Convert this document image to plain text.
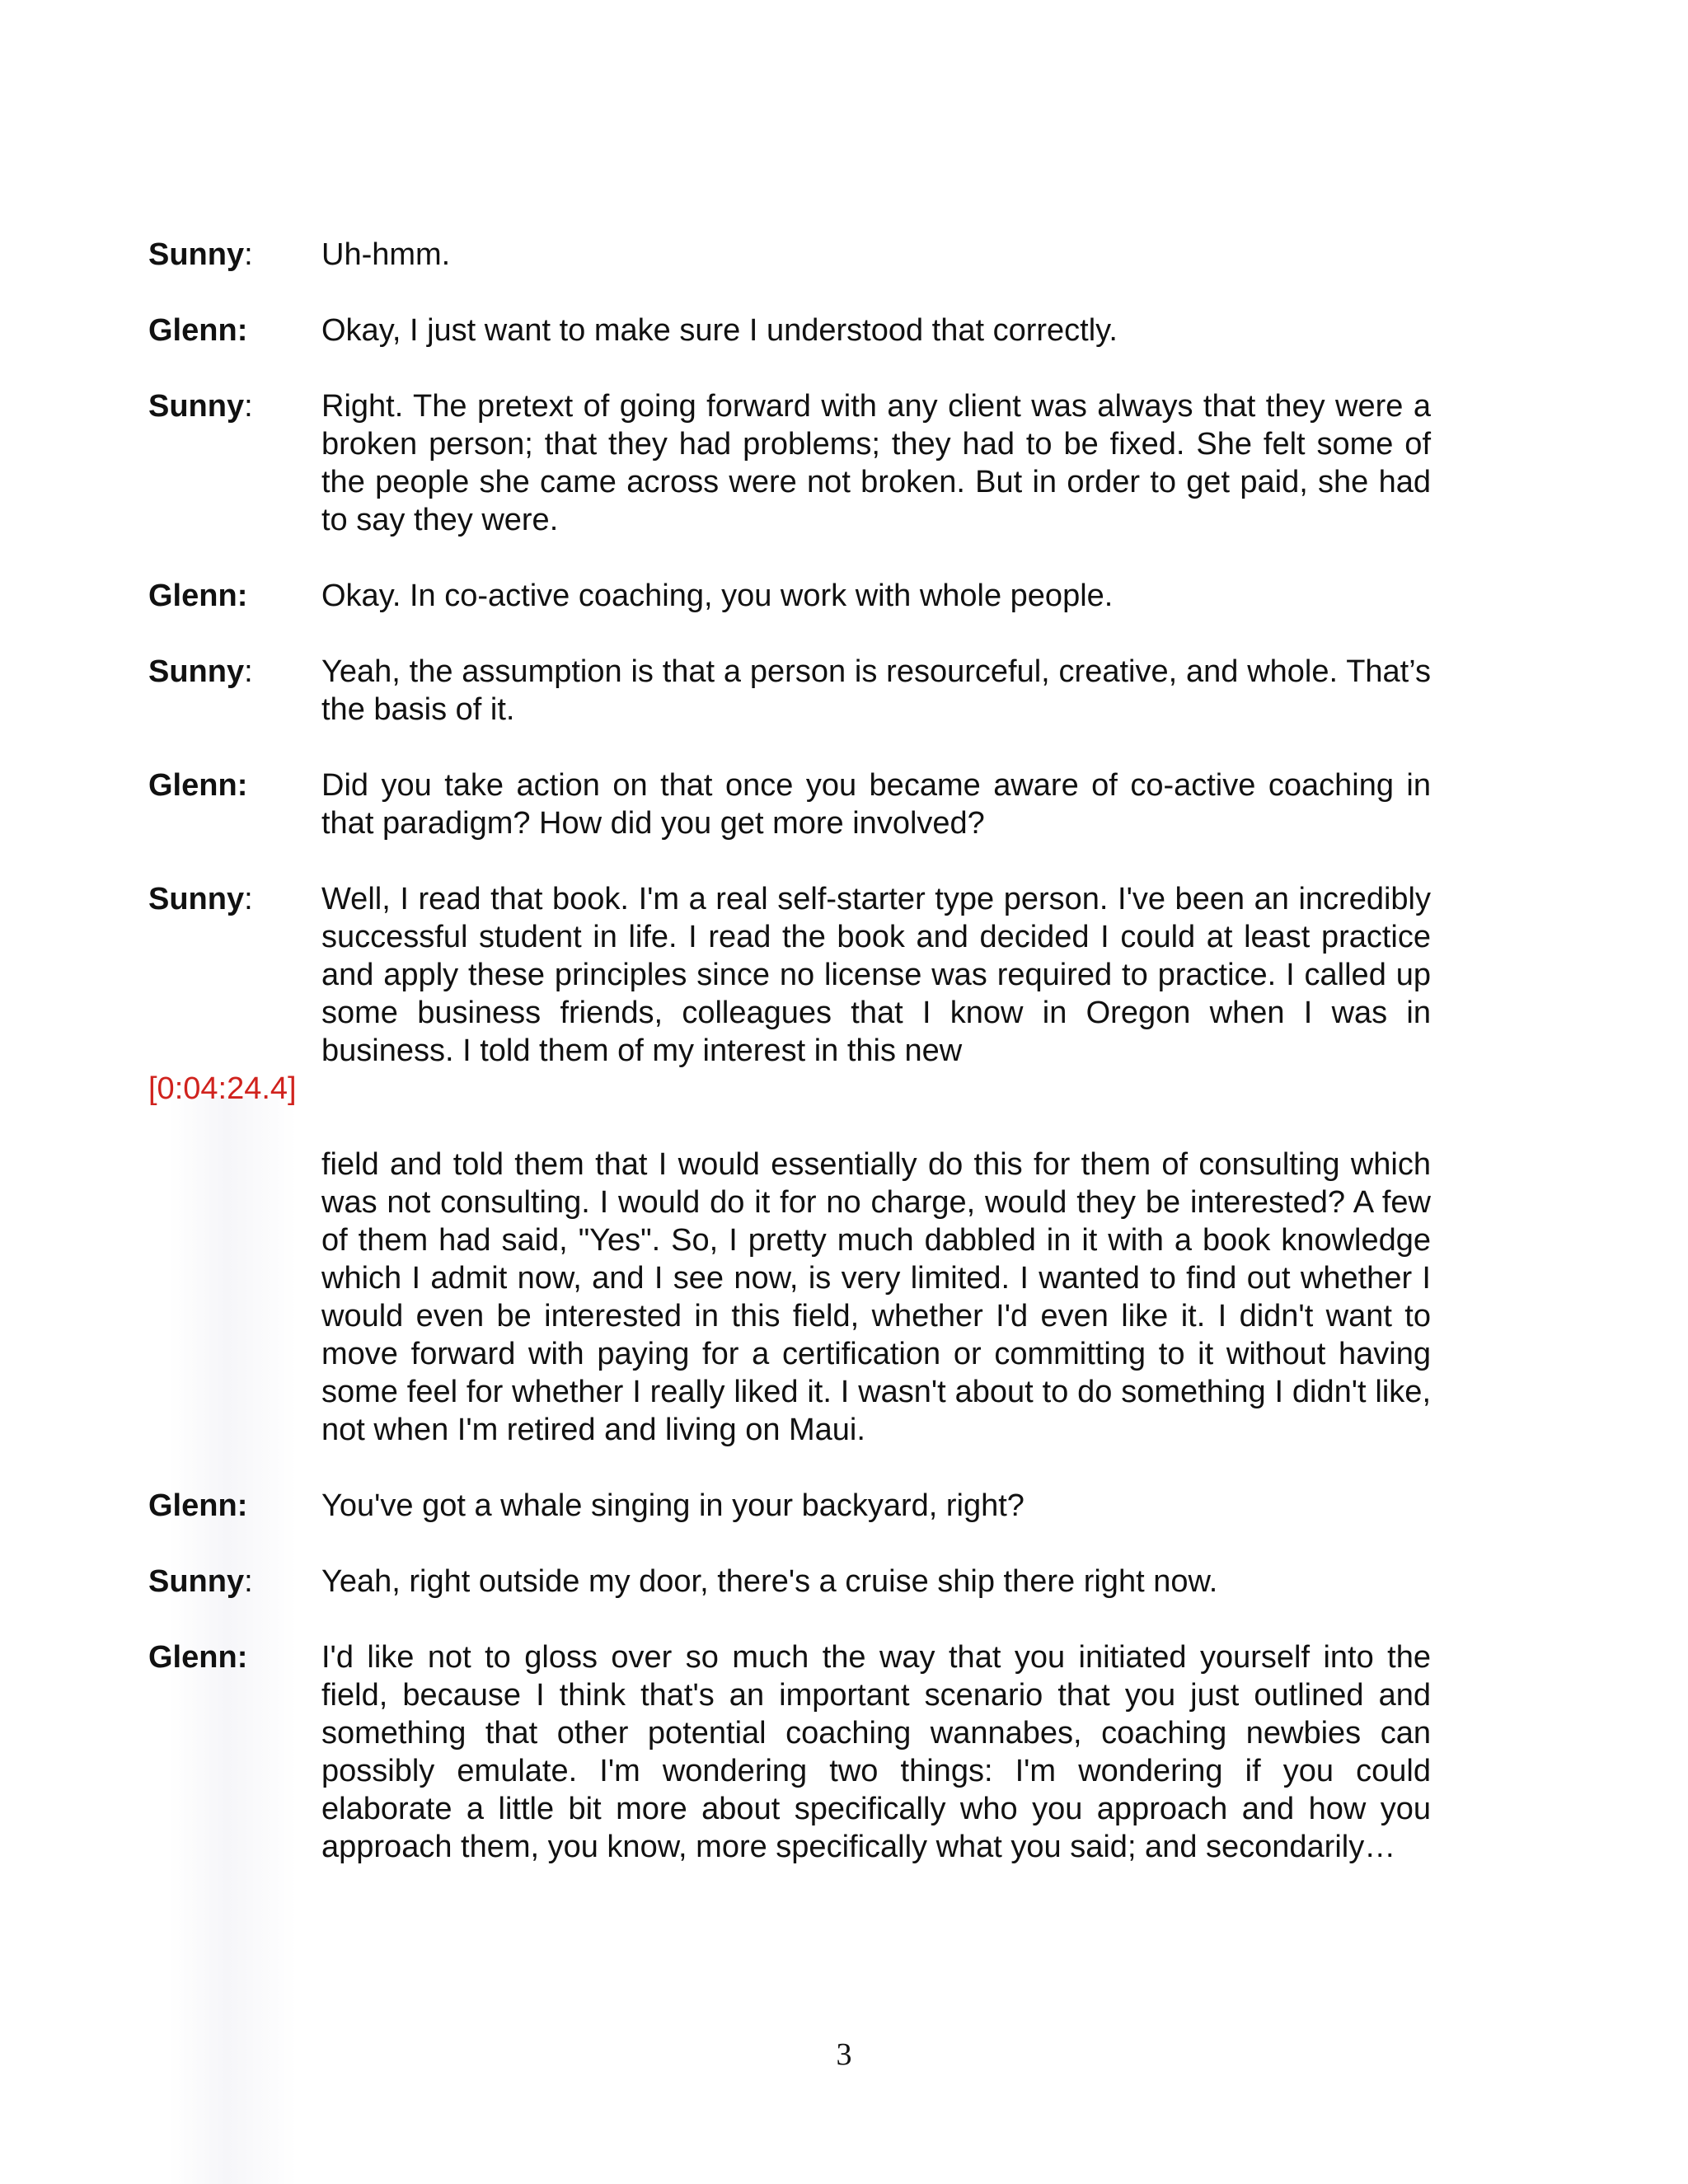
Sunny:	Uh-hmm.
Glenn:	Okay, I just want to make sure I understood that correctly.
Sunny:	Right. The pretext of going forward with any client was always that they were a broken person; that they had problems; they had to be fixed. She felt some of the people she came across were not broken. But in order to get paid, she had to say they were.
Glenn:	Okay. In co-active coaching, you work with whole people.
Sunny:	Yeah, the assumption is that a person is resourceful, creative, and whole. That’s the basis of it.
Glenn:	Did you take action on that once you became aware of co-active coaching in that paradigm? How did you get more involved?
Sunny:	Well, I read that book. I'm a real self-starter type person. I've been an incredibly successful student in life. I read the book and decided I could at least practice and apply these principles since no license was required to practice. I called up some business friends, colleagues that I know in Oregon when I was in business. I told them of my interest in this new
[0:04:24.4]
field and told them that I would essentially do this for them of consulting which was not consulting. I would do it for no charge, would they be interested? A few of them had said, "Yes". So, I pretty much dabbled in it with a book knowledge which I admit now, and I see now, is very limited. I wanted to find out whether I would even be interested in this field, whether I'd even like it. I didn't want to move forward with paying for a certification or committing to it without having some feel for whether I really liked it. I wasn't about to do something I didn't like, not when I'm retired and living on Maui.
Glenn:	You've got a whale singing in your backyard, right?
Sunny:	Yeah, right outside my door, there's a cruise ship there right now.
Glenn:	I'd like not to gloss over so much the way that you initiated yourself into the field, because I think that's an important scenario that you just outlined and something that other potential coaching wannabes, coaching newbies can possibly emulate. I'm wondering two things: I'm wondering if you could elaborate a little bit more about specifically who you approach and how you approach them, you know, more specifically what you said; and secondarily…
3
